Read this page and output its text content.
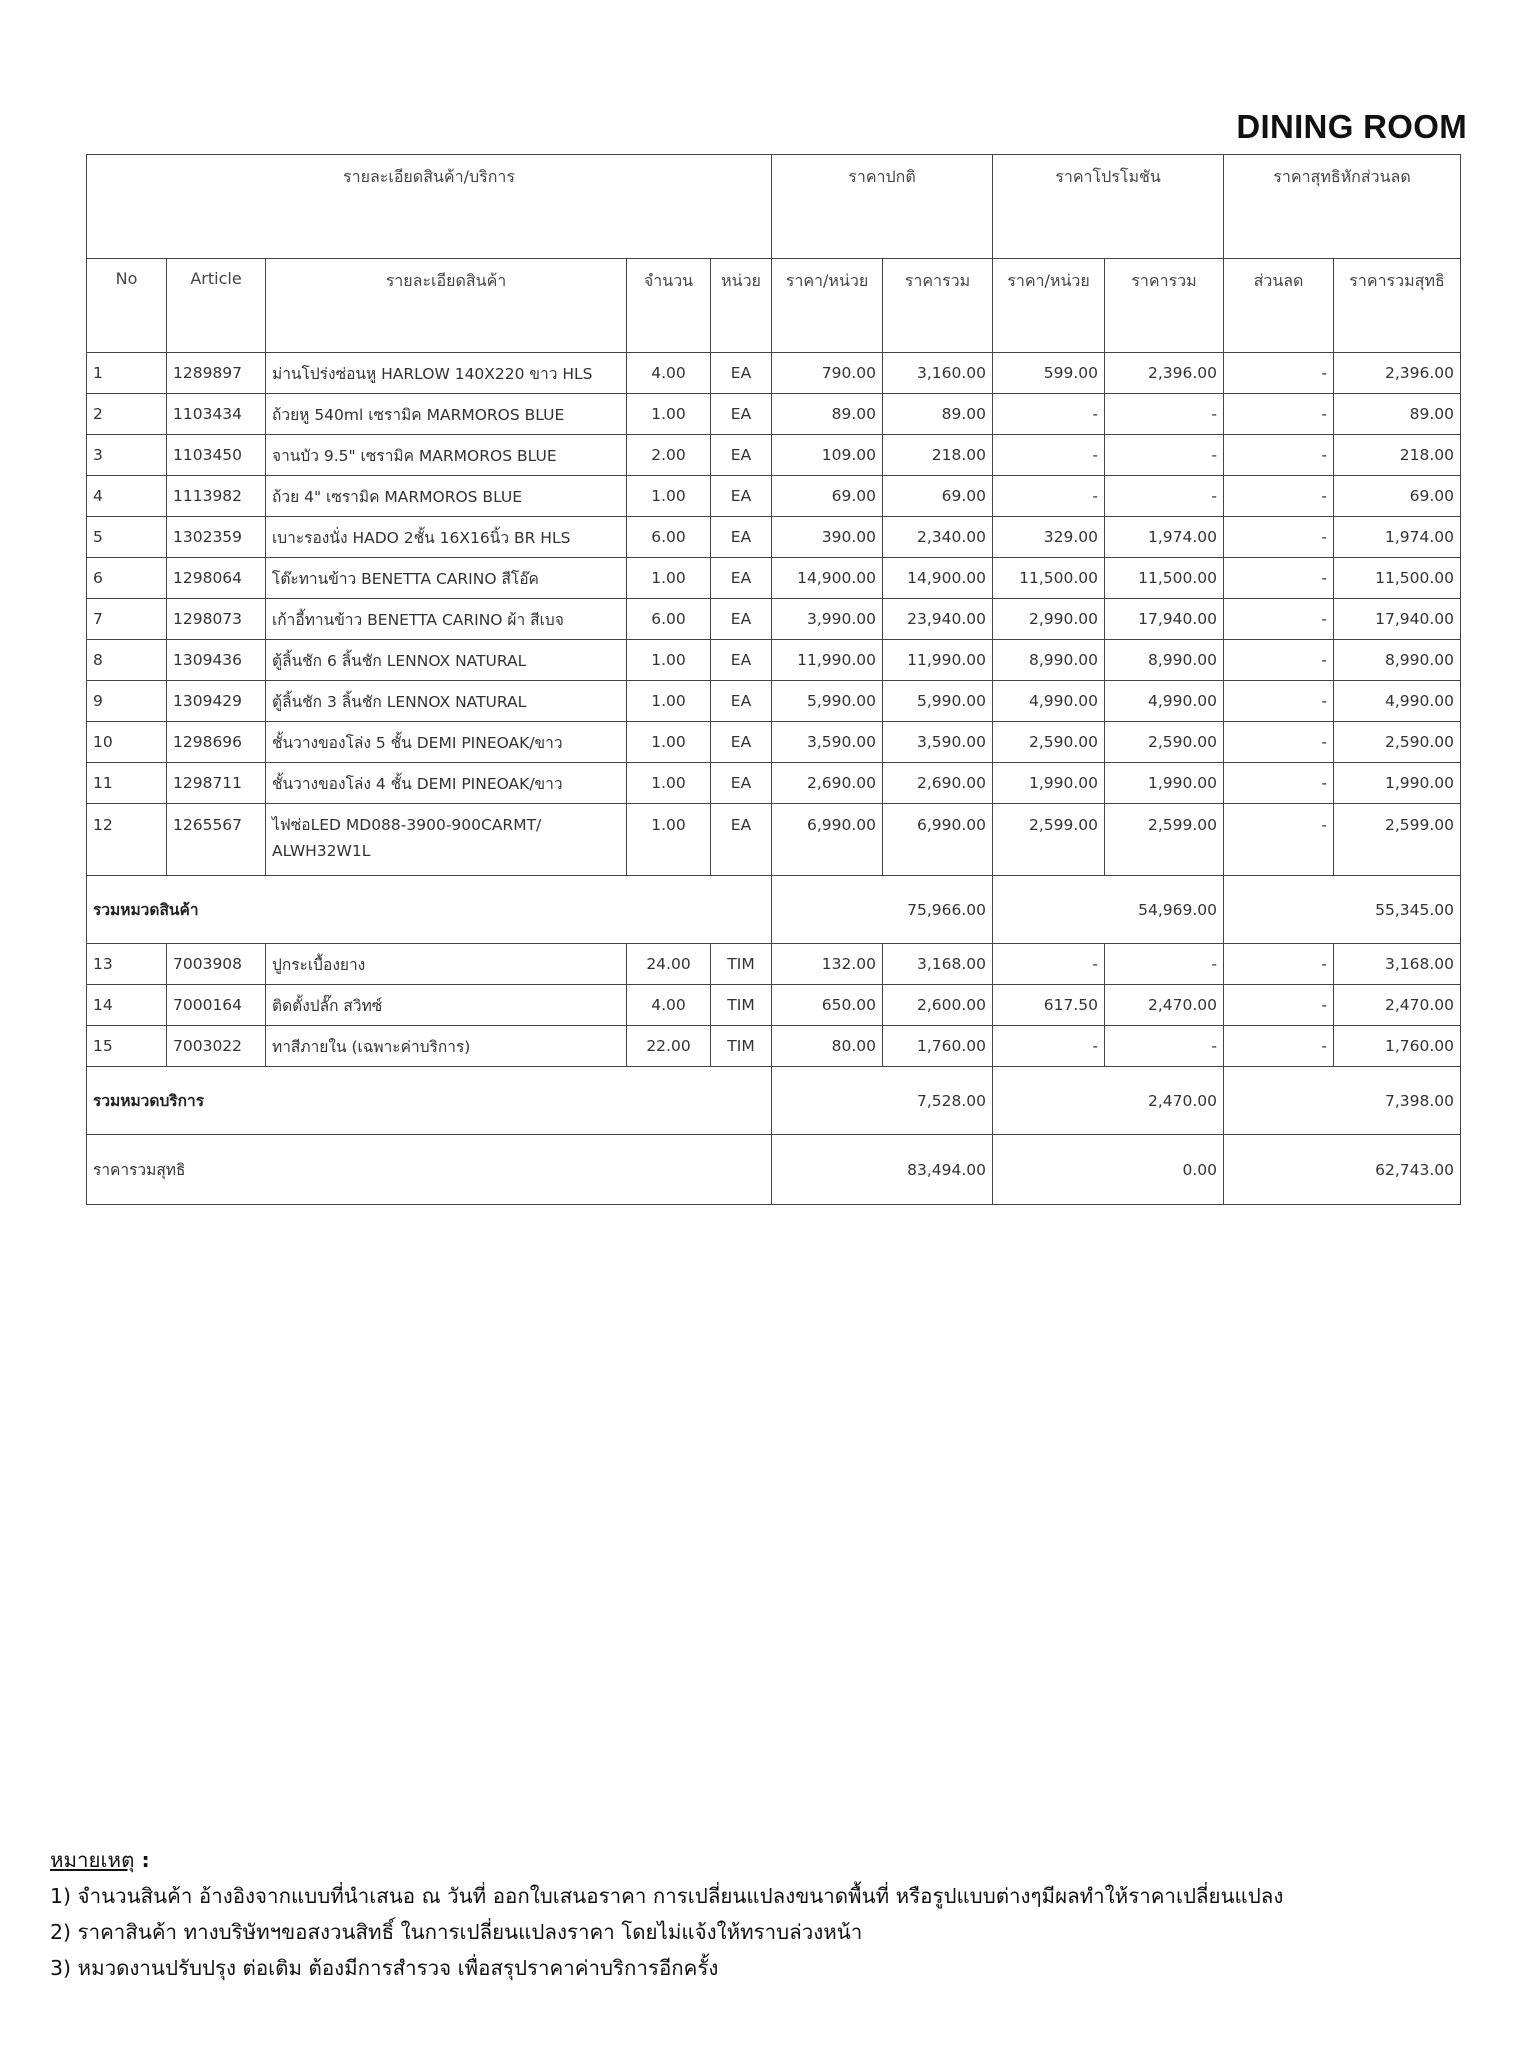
DINING ROOM
รายละเอียดสินค้า/บริการ					ราคาปกติ		ราคาโปรโมชัน		ราคาสุทธิหักส่วนลด	
No	Article	รายละเอียดสินค้า	จำนวน	หน่วย	ราคา/หน่วย	ราคารวม	ราคา/หน่วย	ราคารวม	ส่วนลด	ราคารวมสุทธิ
1	1289897	ม่านโปร่งซ่อนหู HARLOW 140X220 ขาว HLS	4.00	EA	790.00	3,160.00	599.00	2,396.00	-	2,396.00
2	1103434	ถ้วยหู 540ml เซรามิค MARMOROS BLUE	1.00	EA	89.00	89.00	-	-	-	89.00
3	1103450	จานบัว 9.5" เซรามิค MARMOROS BLUE	2.00	EA	109.00	218.00	-	-	-	218.00
4	1113982	ถ้วย 4" เซรามิค MARMOROS BLUE	1.00	EA	69.00	69.00	-	-	-	69.00
5	1302359	เบาะรองนั่ง HADO 2ชั้น 16X16นิ้ว BR HLS	6.00	EA	390.00	2,340.00	329.00	1,974.00	-	1,974.00
6	1298064	โต๊ะทานข้าว BENETTA CARINO สีโอ๊ค	1.00	EA	14,900.00	14,900.00	11,500.00	11,500.00	-	11,500.00
7	1298073	เก้าอี้ทานข้าว BENETTA CARINO ผ้า สีเบจ	6.00	EA	3,990.00	23,940.00	2,990.00	17,940.00	-	17,940.00
8	1309436	ตู้ลิ้นชัก 6 ลิ้นชัก LENNOX NATURAL	1.00	EA	11,990.00	11,990.00	8,990.00	8,990.00	-	8,990.00
9	1309429	ตู้ลิ้นชัก 3 ลิ้นชัก LENNOX NATURAL	1.00	EA	5,990.00	5,990.00	4,990.00	4,990.00	-	4,990.00
10	1298696	ชั้นวางของโล่ง 5 ชั้น DEMI PINEOAK/ขาว	1.00	EA	3,590.00	3,590.00	2,590.00	2,590.00	-	2,590.00
11	1298711	ชั้นวางของโล่ง 4 ชั้น DEMI PINEOAK/ขาว	1.00	EA	2,690.00	2,690.00	1,990.00	1,990.00	-	1,990.00
12	1265567	ไฟซ่อLED MD088-3900-900CARMT/ ALWH32W1L	1.00	EA	6,990.00	6,990.00	2,599.00	2,599.00	-	2,599.00
รวมหมวดสินค้า					75,966.00		54,969.00		55,345.00	
13	7003908	ปูกระเบื้องยาง	24.00	TIM	132.00	3,168.00	-	-	-	3,168.00
14	7000164	ติดตั้งปลั๊ก สวิทซ์	4.00	TIM	650.00	2,600.00	617.50	2,470.00	-	2,470.00
15	7003022	ทาสีภายใน (เฉพาะค่าบริการ)	22.00	TIM	80.00	1,760.00	-	-	-	1,760.00
รวมหมวดบริการ					7,528.00		2,470.00		7,398.00	
ราคารวมสุทธิ					83,494.00		0.00		62,743.00	
หมายเหตุ :
1) จำนวนสินค้า อ้างอิงจากแบบที่นำเสนอ ณ วันที่ ออกใบเสนอราคา การเปลี่ยนแปลงขนาดพื้นที่ หรือรูปแบบต่างๆมีผลทำให้ราคาเปลี่ยนแปลง
2) ราคาสินค้า ทางบริษัทฯขอสงวนสิทธิ์ ในการเปลี่ยนแปลงราคา โดยไม่แจ้งให้ทราบล่วงหน้า
3) หมวดงานปรับปรุง ต่อเติม ต้องมีการสำรวจ เพื่อสรุปราคาค่าบริการอีกครั้ง
